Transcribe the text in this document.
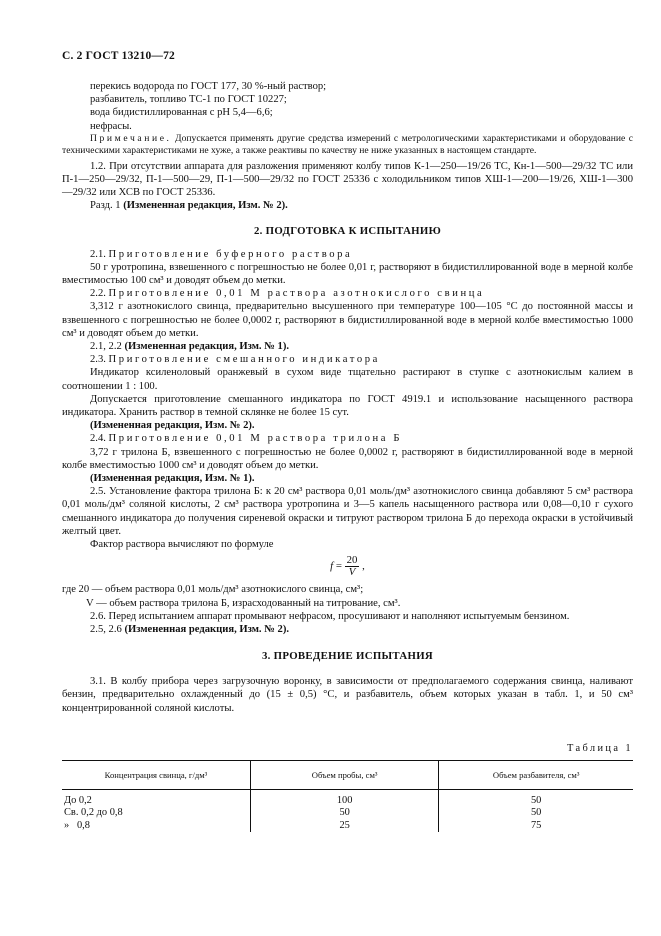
С. 2 ГОСТ 13210—72

перекись водорода по ГОСТ 177, 30 %-ный раствор;

разбавитель, топливо ТС-1 по ГОСТ 10227;

вода бидистиллированная с pH 5,4—6,6;

нефрасы.

Примечание. Допускается применять другие средства измерений с метрологическими характеристиками и оборудование с техническими характеристиками не хуже, а также реактивы по качеству не ниже указанных в настоящем стандарте.

1.2. При отсутствии аппарата для разложения применяют колбу типов К-1—250—19/26 ТС, Кн-1—500—29/32 ТС или П-1—250—29/32, П-1—500—29, П-1—500—29/32 по ГОСТ 25336 с холодильником типов ХШ-1—200—19/26, ХШ-1—300—29/32 или ХСВ по ГОСТ 25336.

Разд. 1 (Измененная редакция, Изм. № 2).

2. ПОДГОТОВКА К ИСПЫТАНИЮ

2.1. Приготовление буферного раствора

50 г уротропина, взвешенного с погрешностью не более 0,01 г, растворяют в бидистиллированной воде в мерной колбе вместимостью 100 см³ и доводят объем до метки.

2.2. Приготовление 0,01 М раствора азотнокислого свинца

3,312 г азотнокислого свинца, предварительно высушенного при температуре 100—105 °С до постоянной массы и взвешенного с погрешностью не более 0,0002 г, растворяют в бидистиллированной воде в мерной колбе вместимостью 1000 см³ и доводят объем до метки.

2.1, 2.2 (Измененная редакция, Изм. № 1).

2.3. Приготовление смешанного индикатора

Индикатор ксиленоловый оранжевый в сухом виде тщательно растирают в ступке с азотнокислым калием в соотношении 1 : 100.

Допускается приготовление смешанного индикатора по ГОСТ 4919.1 и использование насыщенного раствора индикатора. Хранить раствор в темной склянке не более 15 сут.

(Измененная редакция, Изм. № 2).

2.4. Приготовление 0,01 М раствора трилона Б

3,72 г трилона Б, взвешенного с погрешностью не более 0,0002 г, растворяют в бидистиллированной воде в мерной колбе вместимостью 1000 см³ и доводят объем до метки.

(Измененная редакция, Изм. № 1).

2.5. Установление фактора трилона Б: к 20 см³ раствора 0,01 моль/дм³ азотнокислого свинца добавляют 5 см³ раствора 0,01 моль/дм³ соляной кислоты, 2 см³ раствора уротропина и 3—5 капель насыщенного раствора или 0,08—0,10 г сухого смешанного индикатора до получения сиреневой окраски и титруют раствором трилона Б до перехода окраски в устойчивый желтый цвет.

Фактор раствора вычисляют по формуле

$f = \frac{20}{V}$ ,

где 20 — объем раствора 0,01 моль/дм³ азотнокислого свинца, см³;

V — объем раствора трилона Б, израсходованный на титрование, см³.

2.6. Перед испытанием аппарат промывают нефрасом, просушивают и наполняют испытуемым бензином.

2.5, 2.6 (Измененная редакция, Изм. № 2).

3. ПРОВЕДЕНИЕ ИСПЫТАНИЯ

3.1. В колбу прибора через загрузочную воронку, в зависимости от предполагаемого содержания свинца, наливают бензин, предварительно охлажденный до (15 ± 0,5) °С, и разбавитель, объем которых указан в табл. 1, и 50 см³ концентрированной соляной кислоты.

Таблица 1
Концентрация свинца, г/дм³	Объем пробы, см³	Объем разбавителя, см³
До 0,2	100	50
Св. 0,2 до 0,8	50	50
»   0,8	25	75
